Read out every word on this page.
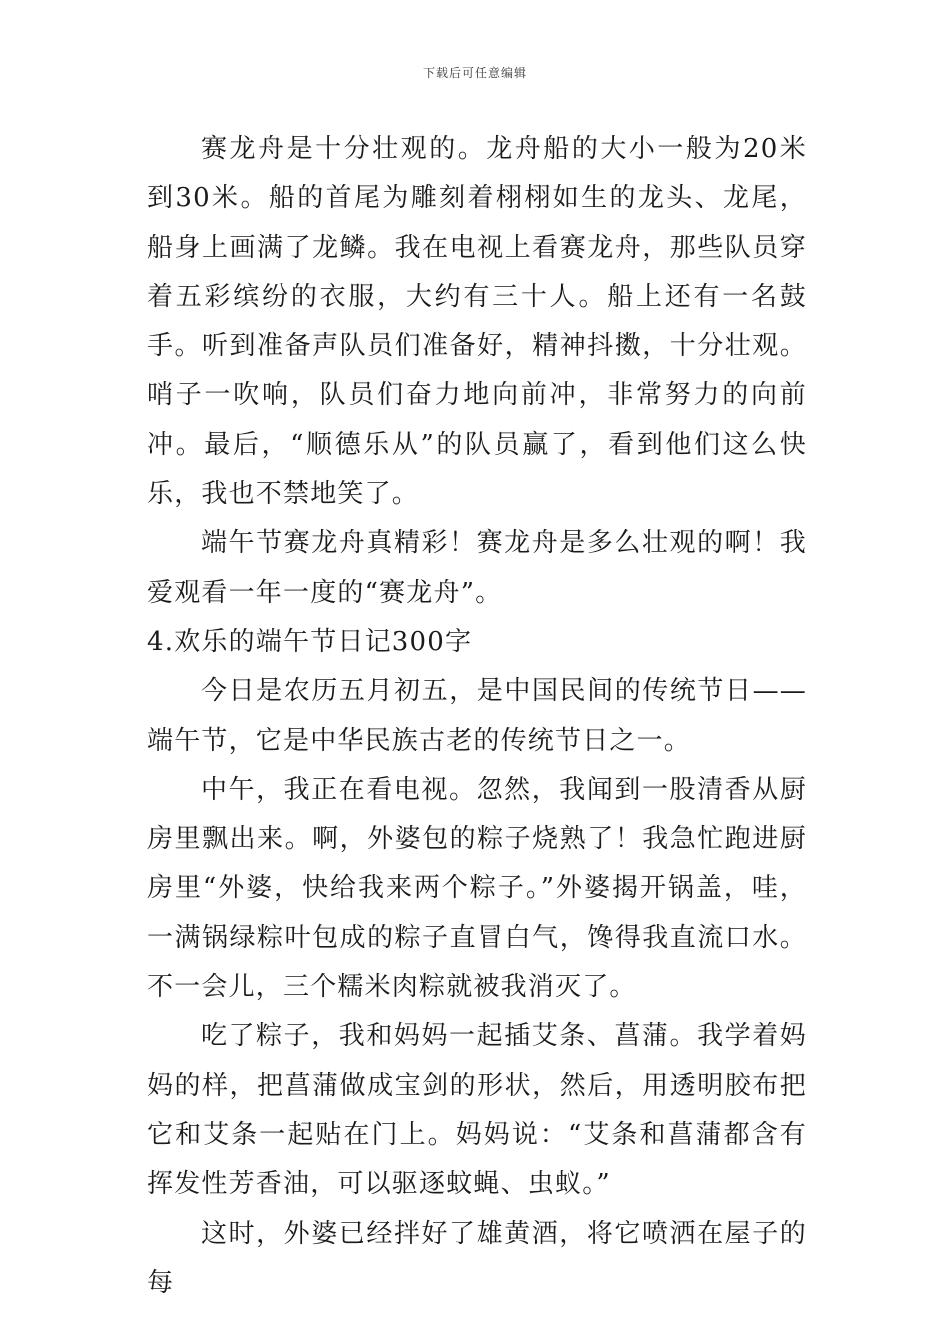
下载后可任意编辑

赛龙舟是十分壮观的。龙舟船的大小一般为20米到30米。船的首尾为雕刻着栩栩如生的龙头、龙尾，船身上画满了龙鳞。我在电视上看赛龙舟，那些队员穿着五彩缤纷的衣服，大约有三十人。船上还有一名鼓手。听到准备声队员们准备好，精神抖擞，十分壮观。哨子一吹响，队员们奋力地向前冲，非常努力的向前冲。最后，“顺德乐从”的队员赢了，看到他们这么快乐，我也不禁地笑了。

端午节赛龙舟真精彩！赛龙舟是多么壮观的啊！我爱观看一年一度的“赛龙舟”。

4.欢乐的端午节日记300字

今日是农历五月初五，是中国民间的传统节日——端午节，它是中华民族古老的传统节日之一。

中午，我正在看电视。忽然，我闻到一股清香从厨房里飘出来。啊，外婆包的粽子烧熟了！我急忙跑进厨房里“外婆，快给我来两个粽子。”外婆揭开锅盖，哇，一满锅绿粽叶包成的粽子直冒白气，馋得我直流口水。不一会儿，三个糯米肉粽就被我消灭了。

吃了粽子，我和妈妈一起插艾条、菖蒲。我学着妈妈的样，把菖蒲做成宝剑的形状，然后，用透明胶布把它和艾条一起贴在门上。妈妈说：“艾条和菖蒲都含有挥发性芳香油，可以驱逐蚊蝇、虫蚁。”

这时，外婆已经拌好了雄黄酒，将它喷洒在屋子的每
